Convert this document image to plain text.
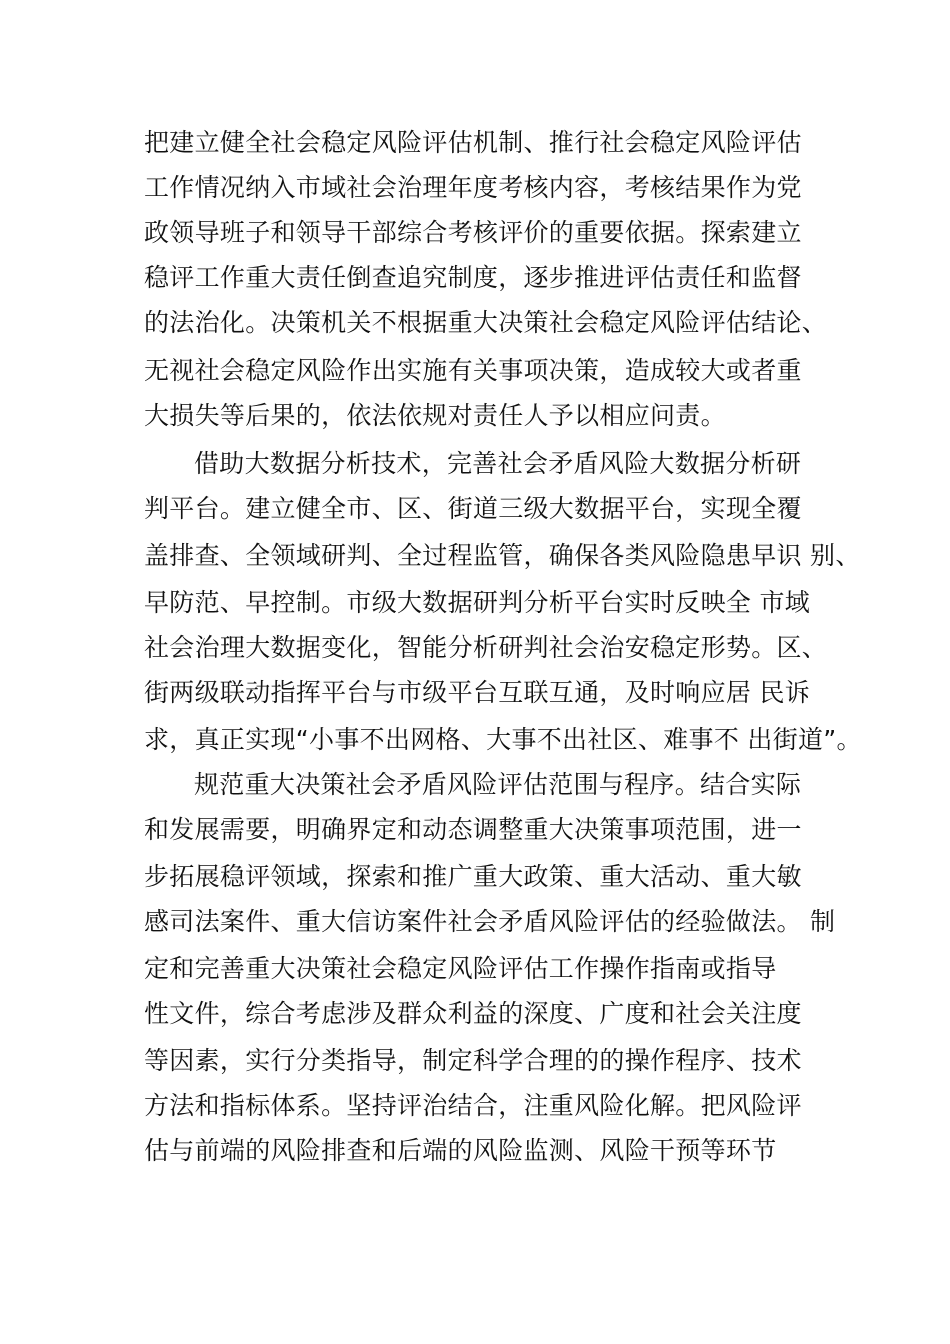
把建立健全社会稳定风险评估机制、推行社会稳定风险评估
工作情况纳入市域社会治理年度考核内容，考核结果作为党
政领导班子和领导干部综合考核评价的重要依据。探索建立
稳评工作重大责任倒查追究制度，逐步推进评估责任和监督
的法治化。决策机关不根据重大决策社会稳定风险评估结论、
无视社会稳定风险作出实施有关事项决策，造成较大或者重
大损失等后果的，依法依规对责任人予以相应问责。
借助大数据分析技术，完善社会矛盾风险大数据分析研
判平台。建立健全市、区、街道三级大数据平台，实现全覆
盖排查、全领域研判、全过程监管，确保各类风险隐患早识 别、
早防范、早控制。市级大数据研判分析平台实时反映全 市域
社会治理大数据变化，智能分析研判社会治安稳定形势。区、
街两级联动指挥平台与市级平台互联互通，及时响应居 民诉
求，真正实现“小事不出网格、大事不出社区、难事不 出街道”。
规范重大决策社会矛盾风险评估范围与程序。结合实际
和发展需要，明确界定和动态调整重大决策事项范围，进一
步拓展稳评领域，探索和推广重大政策、重大活动、重大敏
感司法案件、重大信访案件社会矛盾风险评估的经验做法。 制
定和完善重大决策社会稳定风险评估工作操作指南或指导
性文件，综合考虑涉及群众利益的深度、广度和社会关注度
等因素，实行分类指导，制定科学合理的的操作程序、技术
方法和指标体系。坚持评治结合，注重风险化解。把风险评
估与前端的风险排查和后端的风险监测、风险干预等环节
